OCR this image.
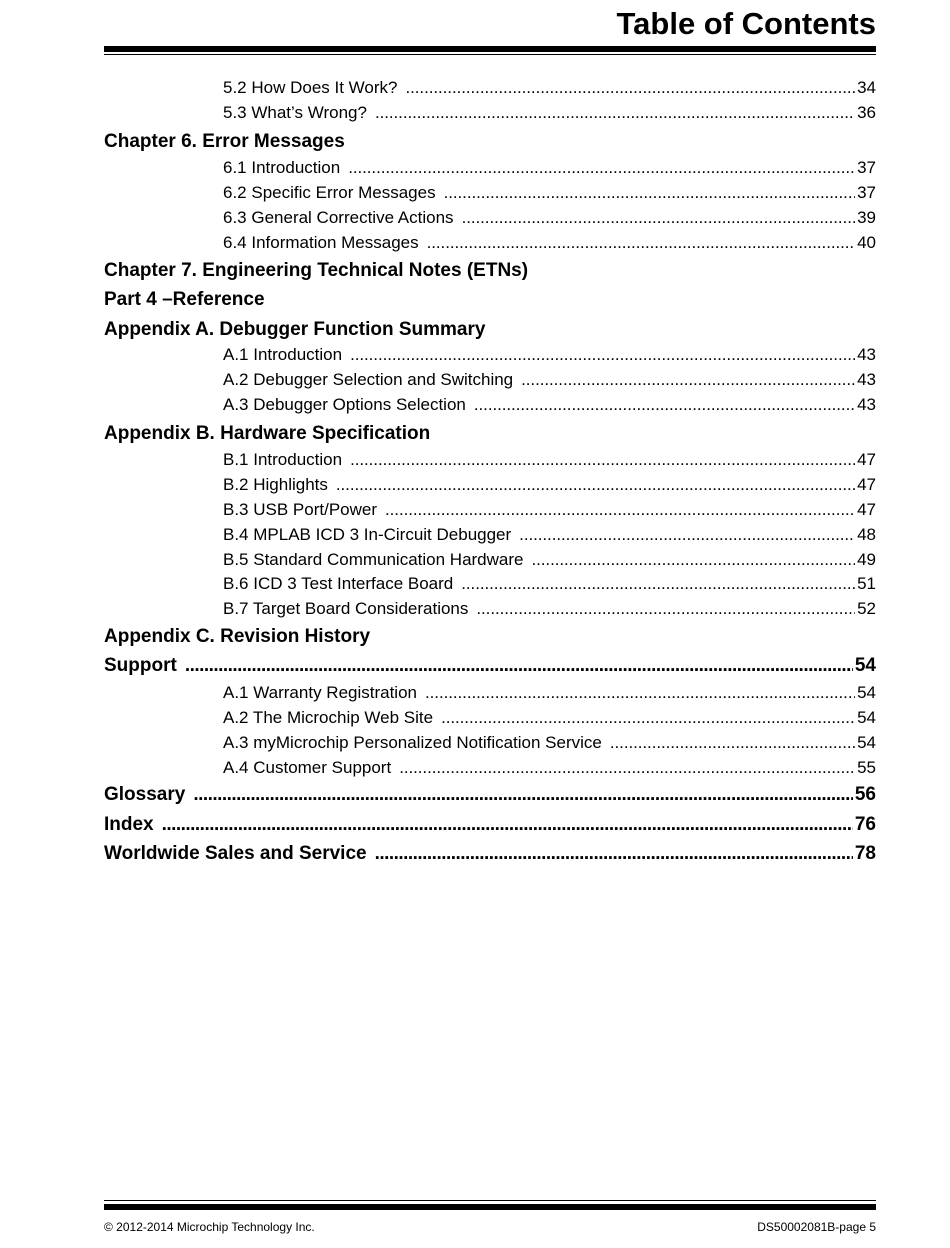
Table of Contents
5.2 How Does It Work? . . .	34
5.3 What’s Wrong? . . .	36
Chapter 6. Error Messages
6.1 Introduction . . .	37
6.2 Specific Error Messages . . .	37
6.3 General Corrective Actions . . .	39
6.4 Information Messages . . .	40
Chapter 7. Engineering Technical Notes (ETNs)
Part 4 –Reference
Appendix A. Debugger Function Summary
A.1 Introduction . . .	43
A.2 Debugger Selection and Switching . . .	43
A.3 Debugger Options Selection . . .	43
Appendix B. Hardware Specification
B.1 Introduction . . .	47
B.2 Highlights . . .	47
B.3 USB Port/Power . . .	47
B.4 MPLAB ICD 3 In-Circuit Debugger . . .	48
B.5 Standard Communication Hardware . . .	49
B.6 ICD 3 Test Interface Board . . .	51
B.7 Target Board Considerations . . .	52
Appendix C. Revision History
Support . . .	54
A.1 Warranty Registration . . .	54
A.2 The Microchip Web Site . . .	54
A.3 myMicrochip Personalized Notification Service . . .	54
A.4 Customer Support . . .	55
Glossary . . .	56
Index . . .	76
Worldwide Sales and Service . . .	78
© 2012-2014 Microchip Technology Inc.	DS50002081B-page 5
